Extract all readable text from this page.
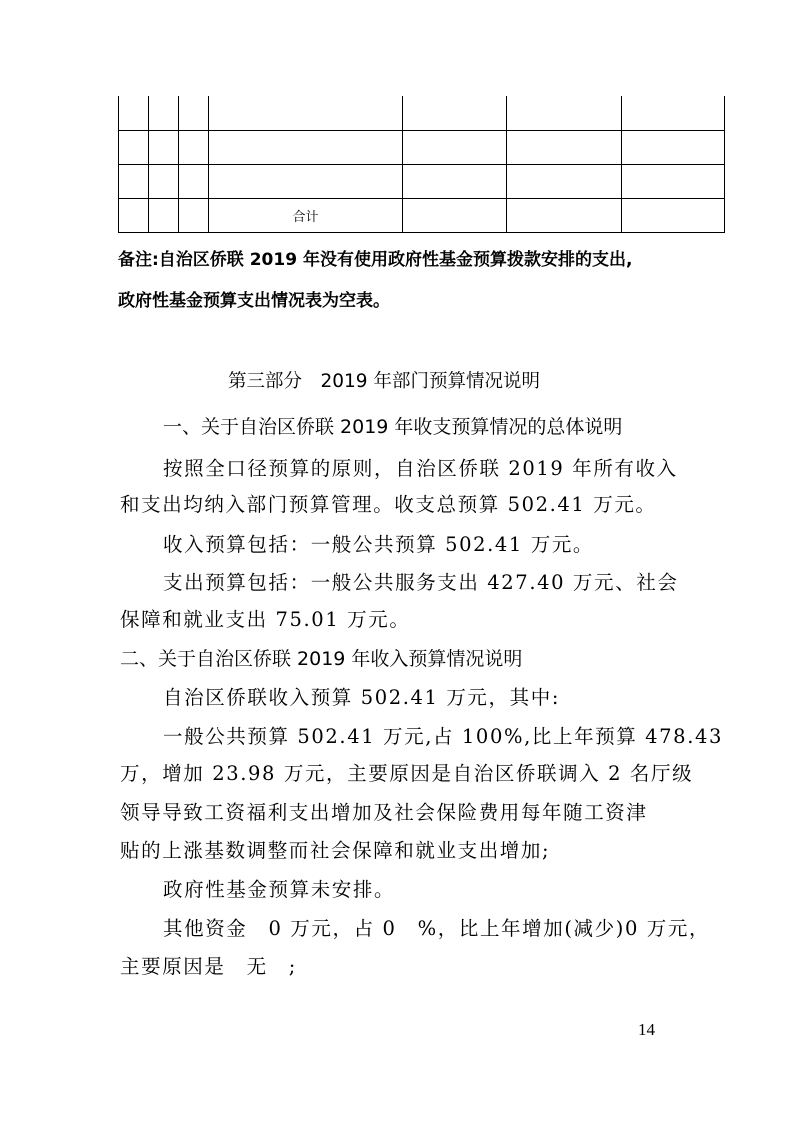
			合计			
备注:自治区侨联 2019 年没有使用政府性基金预算拨款安排的支出,
政府性基金预算支出情况表为空表。
第三部分　2019 年部门预算情况说明
一、关于自治区侨联 2019 年收支预算情况的总体说明
按照全口径预算的原则，自治区侨联 2019 年所有收入
和支出均纳入部门预算管理。收支总预算 502.41 万元。
收入预算包括：一般公共预算 502.41 万元。
支出预算包括：一般公共服务支出 427.40 万元、社会
保障和就业支出 75.01 万元。
二、关于自治区侨联 2019 年收入预算情况说明
自治区侨联收入预算 502.41 万元，其中:
一般公共预算 502.41 万元,占 100%,比上年预算 478.43
万，增加 23.98 万元，主要原因是自治区侨联调入 2 名厅级
领导导致工资福利支出增加及社会保险费用每年随工资津
贴的上涨基数调整而社会保障和就业支出增加;
政府性基金预算未安排。
其他资金　0 万元，占 0　%，比上年增加(减少)0 万元，
主要原因是　无　;
14
